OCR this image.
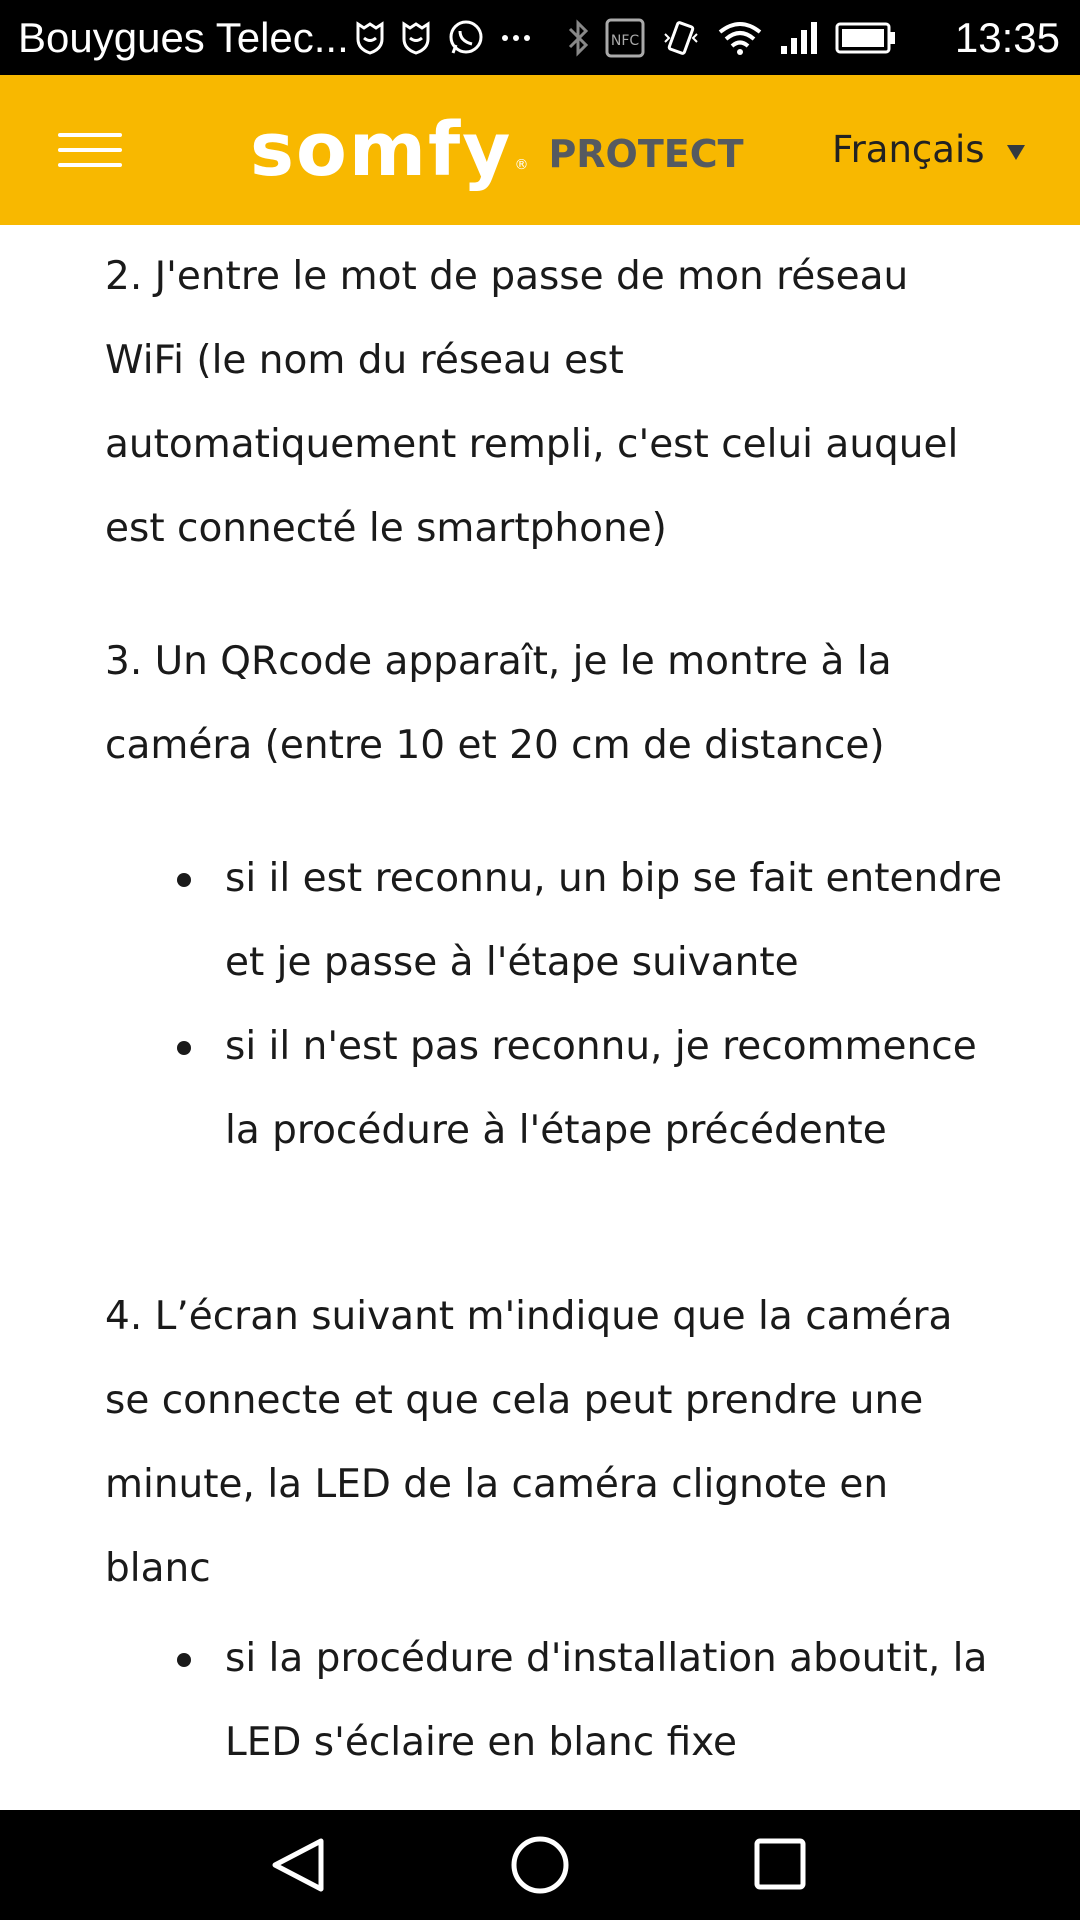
Bouygues Telec...	NFC	13:35
somfy ® PROTECT Français

2. J'entre le mot de passe de mon réseau WiFi (le nom du réseau est automatiquement rempli, c'est celui auquel est connecté le smartphone)

3. Un QRcode apparaît, je le montre à la caméra (entre 10 et 20 cm de distance)

si il est reconnu, un bip se fait entendre et je passe à l'étape suivante
si il n'est pas reconnu, je recommence la procédure à l'étape précédente

4. L’écran suivant m'indique que la caméra se connecte et que cela peut prendre une minute, la LED de la caméra clignote en blanc

si la procédure d'installation aboutit, la LED s'éclaire en blanc fixe
